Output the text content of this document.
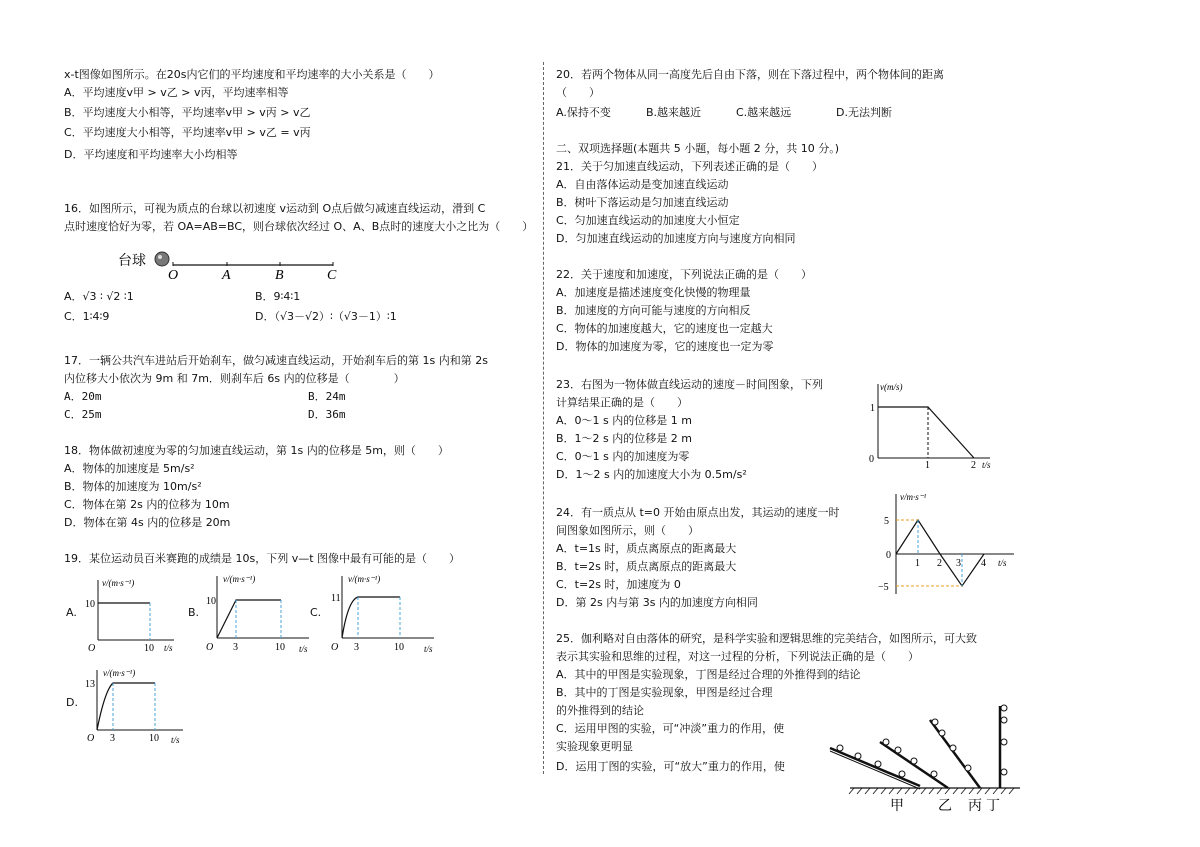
x-t图像如图所示。在20s内它们的平均速度和平均速率的大小关系是（　　）
A．平均速度v甲 > v乙 > v丙，平均速率相等
B．平均速度大小相等，平均速率v甲 > v丙 > v乙
C．平均速度大小相等，平均速率v甲 > v乙 = v丙
D．平均速度和平均速率大小均相等
16．如图所示，可视为质点的台球以初速度 v运动到 O点后做匀减速直线运动，滑到 C
点时速度恰好为零，若 OA=AB=BC，则台球依次经过 O、A、B点时的速度大小之比为（　　）
台球
O	A	B	C
A．√3 ∶ √2 ∶1	B．9∶4∶1
C．1∶4∶9	D．（√3－√2）∶（√3－1）∶1
17．一辆公共汽车进站后开始刹车，做匀减速直线运动，开始刹车后的第 1s 内和第 2s
内位移大小依次为 9m 和 7m．则刹车后 6s 内的位移是（　　　　）
A．20m	B．24m
C．25m	D．36m
18．物体做初速度为零的匀加速直线运动，第 1s 内的位移是 5m，则（　　）
A．物体的加速度是 5m/s²
B．物体的加速度为 10m/s²
C．物体在第 2s 内的位移为 10m
D．物体在第 4s 内的位移是 20m
19．某位运动员百米赛跑的成绩是 10s，下列 v—t 图像中最有可能的是（　　）
A.
v/(m·s⁻¹)
10
O	10 t/s
B.
v/(m·s⁻¹)
10
O 3	10 t/s
C.
v/(m·s⁻¹)
11
O 3	10 t/s
D.
v/(m·s⁻¹)
13
O 3	10 t/s
20．若两个物体从同一高度先后自由下落，则在下落过程中，两个物体间的距离
（　　）
A.保持不变	B.越来越近	C.越来越远	D.无法判断
二、双项选择题(本题共 5 小题，每小题 2 分，共 10 分。)
21．关于匀加速直线运动，下列表述正确的是（　　）
A．自由落体运动是变加速直线运动
B．树叶下落运动是匀加速直线运动
C．匀加速直线运动的加速度大小恒定
D．匀加速直线运动的加速度方向与速度方向相同
22．关于速度和加速度，下列说法正确的是（　　）
A．加速度是描述速度变化快慢的物理量
B．加速度的方向可能与速度的方向相反
C．物体的加速度越大，它的速度也一定越大
D．物体的加速度为零，它的速度也一定为零
23．右图为一物体做直线运动的速度－时间图象，下列
计算结果正确的是（　　）
A．0～1 s 内的位移是 1 m
B．1～2 s 内的位移是 2 m
C．0～1 s 内的加速度为零
D．1～2 s 内的加速度大小为 0.5m/s²
v(m/s)
1
0
1	2 t/s
24．有一质点从 t=0 开始由原点出发，其运动的速度一时
间图象如图所示，则（　　）
A．t=1s 时，质点离原点的距离最大
B．t=2s 时，质点离原点的距离最大
C．t=2s 时，加速度为 0
D．第 2s 内与第 3s 内的加速度方向相同
v/m·s⁻¹
5
0
−5
1 2 3 4 t/s
25．伽利略对自由落体的研究，是科学实验和逻辑思维的完美结合，如图所示，可大致
表示其实验和思维的过程，对这一过程的分析，下列说法正确的是（　　）
A．其中的甲图是实验现象，丁图是经过合理的外推得到的结论
B．其中的丁图是实验现象，甲图是经过合理
的外推得到的结论
C．运用甲图的实验，可“冲淡”重力的作用，使
实验现象更明显
D．运用丁图的实验，可“放大”重力的作用，使
甲 乙 丙 丁
